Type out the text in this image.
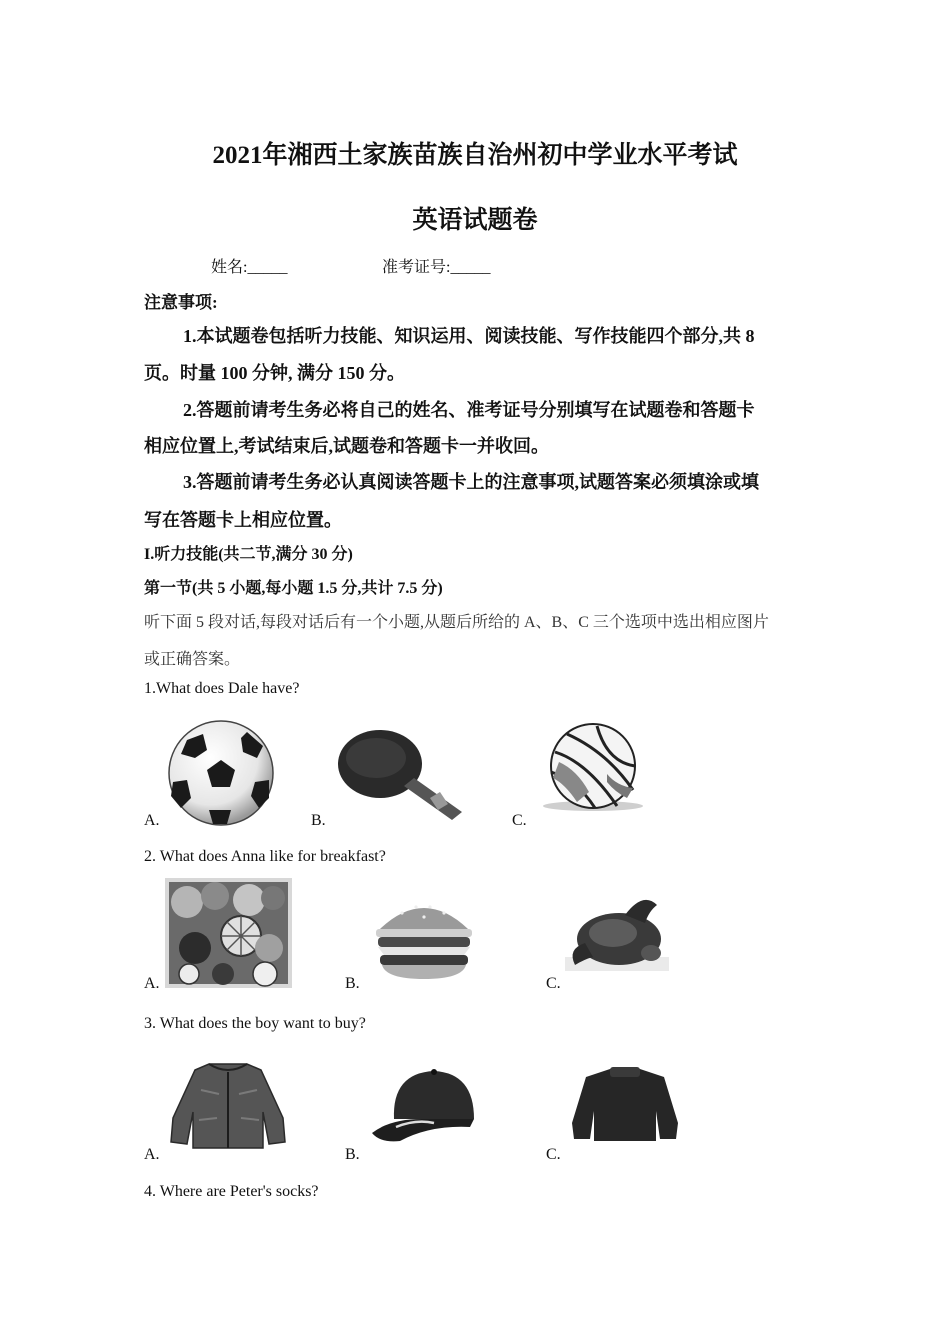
2021年湘西土家族苗族自治州初中学业水平考试
英语试题卷
姓名:_____	准考证号:_____
注意事项:
1.本试题卷包括听力技能、知识运用、阅读技能、写作技能四个部分,共 8
页。时量 100 分钟, 满分 150 分。
2.答题前请考生务必将自己的姓名、准考证号分别填写在试题卷和答题卡
相应位置上,考试结束后,试题卷和答题卡一并收回。
3.答题前请考生务必认真阅读答题卡上的注意事项,试题答案必须填涂或填
写在答题卡上相应位置。
I.听力技能(共二节,满分 30 分)
第一节(共 5 小题,每小题 1.5 分,共计 7.5 分)
听下面 5 段对话,每段对话后有一个小题,从题后所给的 A、B、C 三个选项中选出相应图片
或正确答案。
1.What does Dale have?
A.	B.	C.
2. What does Anna like for breakfast?
A.	B.	C.
3. What does the boy want to buy?
A.	B.	C.
4. Where are Peter's socks?
